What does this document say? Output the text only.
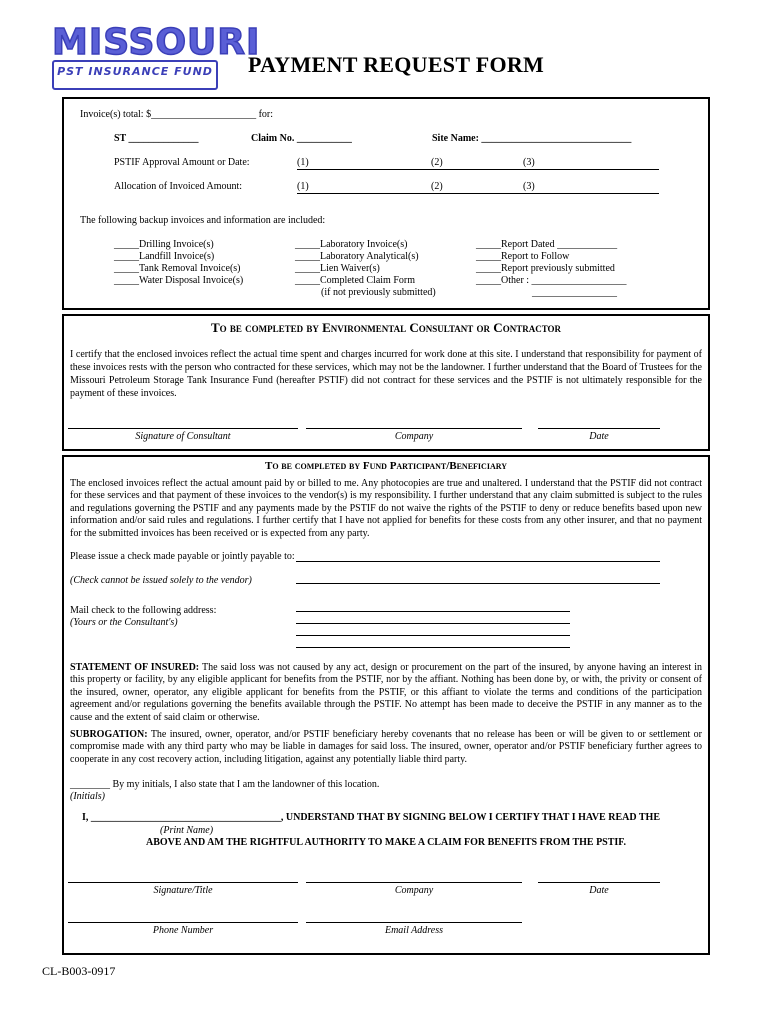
MISSOURI
PST INSURANCE FUND PAYMENT REQUEST FORM
Invoice(s) total: $_____________________ for:
ST ______________	Claim No. ___________	Site Name: ______________________________
PSTIF Approval Amount or Date:	(1)	(2)	(3)
Allocation of Invoiced Amount:	(1)	(2)	(3)
The following backup invoices and information are included:
_____Drilling Invoice(s)
_____Landfill Invoice(s)
_____Tank Removal Invoice(s)
_____Water Disposal Invoice(s)
_____Laboratory Invoice(s)
_____Laboratory Analytical(s)
_____Lien Waiver(s)
_____Completed Claim Form
(if not previously submitted)
_____Report Dated ____________
_____Report to Follow
_____Report previously submitted
_____Other : ___________________
_________________
To be completed by Environmental Consultant or Contractor
I certify that the enclosed invoices reflect the actual time spent and charges incurred for work done at this site. I understand that responsibility for payment of these invoices rests with the person who contracted for these services, which may not be the landowner. I further understand that the Board of Trustees for the Missouri Petroleum Storage Tank Insurance Fund (hereafter PSTIF) did not contract for these services and the PSTIF is not ultimately responsible for the payment of these invoices.
Signature of Consultant	Company	Date
To be completed by Fund Participant/Beneficiary
The enclosed invoices reflect the actual amount paid by or billed to me. Any photocopies are true and unaltered. I understand that the PSTIF did not contract for these services and that payment of these invoices to the vendor(s) is my responsibility. I further understand that any claim submitted is subject to the rules and regulations governing the PSTIF and any payments made by the PSTIF do not waive the rights of the PSTIF to deny or reduce benefits based upon new information and/or said rules and regulations. I further certify that I have not applied for benefits for these costs from any other insurer, and that no payment for the submitted invoices has been received or is expected from any party.
Please issue a check made payable or jointly payable to:
(Check cannot be issued solely to the vendor)
Mail check to the following address:
(Yours or the Consultant's)
STATEMENT OF INSURED: The said loss was not caused by any act, design or procurement on the part of the insured, by anyone having an interest in this property or facility, by any eligible applicant for benefits from the PSTIF, nor by the affiant. Nothing has been done by, or with, the privity or consent of the insured, owner, operator, any eligible applicant for benefits from the PSTIF, or this affiant to violate the terms and conditions of the participation agreement and/or regulations governing the benefits available through the PSTIF. No attempt has been made to deceive the PSTIF in any manner as to the cause and the extent of said claim or otherwise.
SUBROGATION: The insured, owner, operator, and/or PSTIF beneficiary hereby covenants that no release has been or will be given to or settlement or compromise made with any third party who may be liable in damages for said loss. The insured, owner, operator and/or PSTIF beneficiary further agrees to cooperate in any cost recovery action, including litigation, against any potentially liable third party.
________ By my initials, I also state that I am the landowner of this location.
(Initials)
I, ______________________________________, UNDERSTAND THAT BY SIGNING BELOW I CERTIFY THAT I HAVE READ THE
(Print Name)
ABOVE AND AM THE RIGHTFUL AUTHORITY TO MAKE A CLAIM FOR BENEFITS FROM THE PSTIF.
Signature/Title	Company	Date
Phone Number	Email Address
CL-B003-0917
